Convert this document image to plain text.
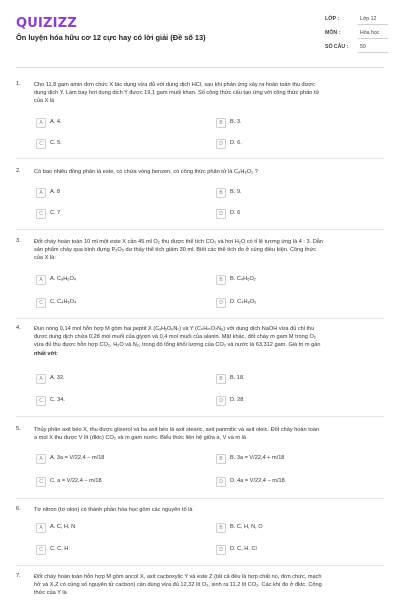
QUIZIZZ
Ôn luyện hóa hữu cơ 12 cực hay có lời giải (Đề số 13)
LỚP :	Lớp 12
MÔN :	Hóa học
SỐ CÂU : 50
1. Cho 11,8 gam amin đơn chức X tác dụng vừa đủ với dung dịch HCl, sau khi phản ứng xảy ra hoàn toàn thu được
dung dịch Y. Làm bay hơi dung dịch Y được 19,1 gam muối khan. Số công thức cấu tạo ứng với công thức phân tử
của X là
A	A. 4.	B	B. 3.
C	C. 5.	D	D. 6.
2. Có bao nhiêu đồng phân là este, có chứa vòng benzen, có công thức phân tử là C₈H₈O₂ ?
A	A. 8	B	B. 9.
C	C. 7	D	D. 6
3. Đốt cháy hoàn toàn 10 ml một este X cần 45 ml O₂ thu được thể tích CO₂ và hơi H₂O có tỉ lệ tương ứng là 4 : 3. Dẫn
sản phẩm cháy qua bình đựng P₂O₅ dư thấy thể tích giảm 30 ml. Biết các thể tích đo ở cùng điều kiện. Công thức
của X là:
A	A. C₈H₆O₄	B	B. C₄H₆O₂
C	C. C₄H₆O₄	D	D. C₄H₈O₂
4. Đun nóng 0,14 mol hỗn hợp M gồm hai peptit X (CₓHᵧOᵤNₜ) và Y (CₙHₘO₇N₆) với dung dịch NaOH vừa đủ chỉ thu
được dung dịch chứa 0,28 mol muối của glyxin và 0,4 mol muối của alanin. Mặt khác, đốt cháy m gam M trong O₂
vừa đủ thu được hỗn hợp CO₂, H₂O và N₂, trong đó tổng khối lượng của CO₂ và nước là 63,312 gam. Giá trị m gần
nhất với:
A	A. 32.	B	B. 18.
C	C. 34.	D	D. 28
5. Thủy phân axit béo X, thu được glixerol và ba axit béo là axit stearic, axit panmitic và axit oleic. Đốt cháy hoàn toàn
a mol X thu được V lít (đktc) CO₂ và m gam nước. Biểu thức liên hệ giữa a, V và m là
A	A. 3a = V/22,4 − m/18	B	B. 3a = V/22,4 + m/18
C	C. a = V/22,4 − m/18	D	D. 4a = V/22,4 − m/18
6. Tơ nitron (tơ olon) có thành phần hóa học gồm các nguyên tố là
A	A. C, H, N	B	B. C, H, N, O
C	C. C, H	D	D. C, H, Cl
7. Đốt cháy hoàn toàn hỗn hợp M gồm ancol X, axit cacboxylic Y và este Z (tất cả đều là hợp chất no, đơn chức, mạch
hở và X,Z có cùng số nguyên tử cacbon) cần dùng vừa đủ 12,32 lít O₂, sinh ra 11,2 lít CO₂. Các khí đo ở đktc. Công
thức của Y là
